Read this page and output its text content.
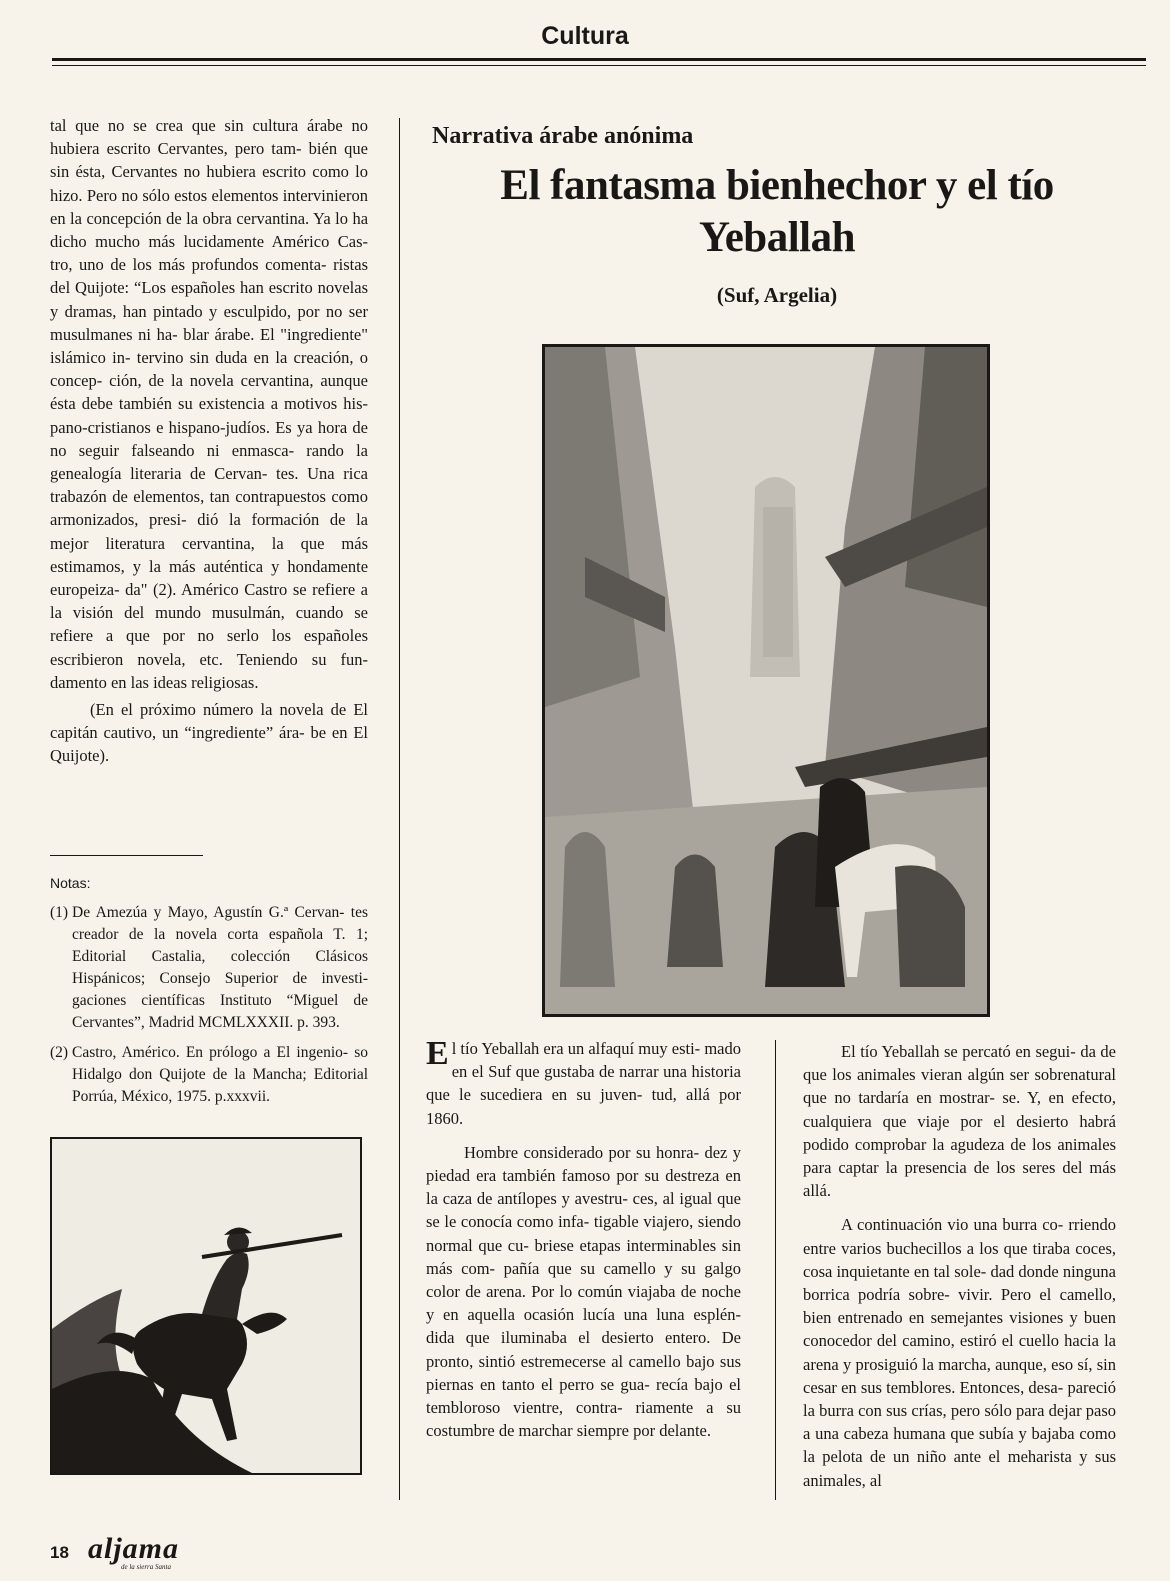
Cultura

tal que no se crea que sin cultura árabe no hubiera escrito Cervantes, pero tam- bién que sin ésta, Cervantes no hubiera escrito como lo hizo. Pero no sólo estos elementos intervinieron en la concepción de la obra cervantina. Ya lo ha dicho mucho más lucidamente Américo Cas- tro, uno de los más profundos comenta- ristas del Quijote: “Los españoles han escrito novelas y dramas, han pintado y esculpido, por no ser musulmanes ni ha- blar árabe. El "ingrediente" islámico in- tervino sin duda en la creación, o concep- ción, de la novela cervantina, aunque ésta debe también su existencia a motivos his- pano-cristianos e hispano-judíos. Es ya hora de no seguir falseando ni enmasca- rando la genealogía literaria de Cervan- tes. Una rica trabazón de elementos, tan contrapuestos como armonizados, presi- dió la formación de la mejor literatura cervantina, la que más estimamos, y la más auténtica y hondamente europeiza- da" (2). Américo Castro se refiere a la visión del mundo musulmán, cuando se refiere a que por no serlo los españoles escribieron novela, etc. Teniendo su fun- damento en las ideas religiosas.

(En el próximo número la novela de El capitán cautivo, un “ingrediente” ára- be en El Quijote).

Notas:

(1) De Amezúa y Mayo, Agustín G.ª Cervan- tes creador de la novela corta española T. 1; Editorial Castalia, colección Clásicos Hispánicos; Consejo Superior de investi- gaciones científicas Instituto “Miguel de Cervantes”, Madrid MCMLXXXII. p. 393.
(2) Castro, Américo. En prólogo a El ingenio- so Hidalgo don Quijote de la Mancha; Editorial Porrúa, México, 1975. p.xxxvii.
Narrativa árabe anónima
El fantasma bienhechor y el tío
Yeballah
(Suf, Argelia)

El tío Yeballah era un alfaquí muy esti- mado en el Suf que gustaba de narrar una historia que le sucediera en su juven- tud, allá por 1860.

Hombre considerado por su honra- dez y piedad era también famoso por su destreza en la caza de antílopes y avestru- ces, al igual que se le conocía como infa- tigable viajero, siendo normal que cu- briese etapas interminables sin más com- pañía que su camello y su galgo color de arena. Por lo común viajaba de noche y en aquella ocasión lucía una luna esplén- dida que iluminaba el desierto entero. De pronto, sintió estremecerse al camello bajo sus piernas en tanto el perro se gua- recía bajo el tembloroso vientre, contra- riamente a su costumbre de marchar siempre por delante.

El tío Yeballah se percató en segui- da de que los animales vieran algún ser sobrenatural que no tardaría en mostrar- se. Y, en efecto, cualquiera que viaje por el desierto habrá podido comprobar la agudeza de los animales para captar la presencia de los seres del más allá.

A continuación vio una burra co- rriendo entre varios buchecillos a los que tiraba coces, cosa inquietante en tal sole- dad donde ninguna borrica podría sobre- vivir. Pero el camello, bien entrenado en semejantes visiones y buen conocedor del camino, estiró el cuello hacia la arena y prosiguió la marcha, aunque, eso sí, sin cesar en sus temblores. Entonces, desa- pareció la burra con sus crías, pero sólo para dejar paso a una cabeza humana que subía y bajaba como la pelota de un niño ante el meharista y sus animales, al

18 aljama
de la sierra Santa
